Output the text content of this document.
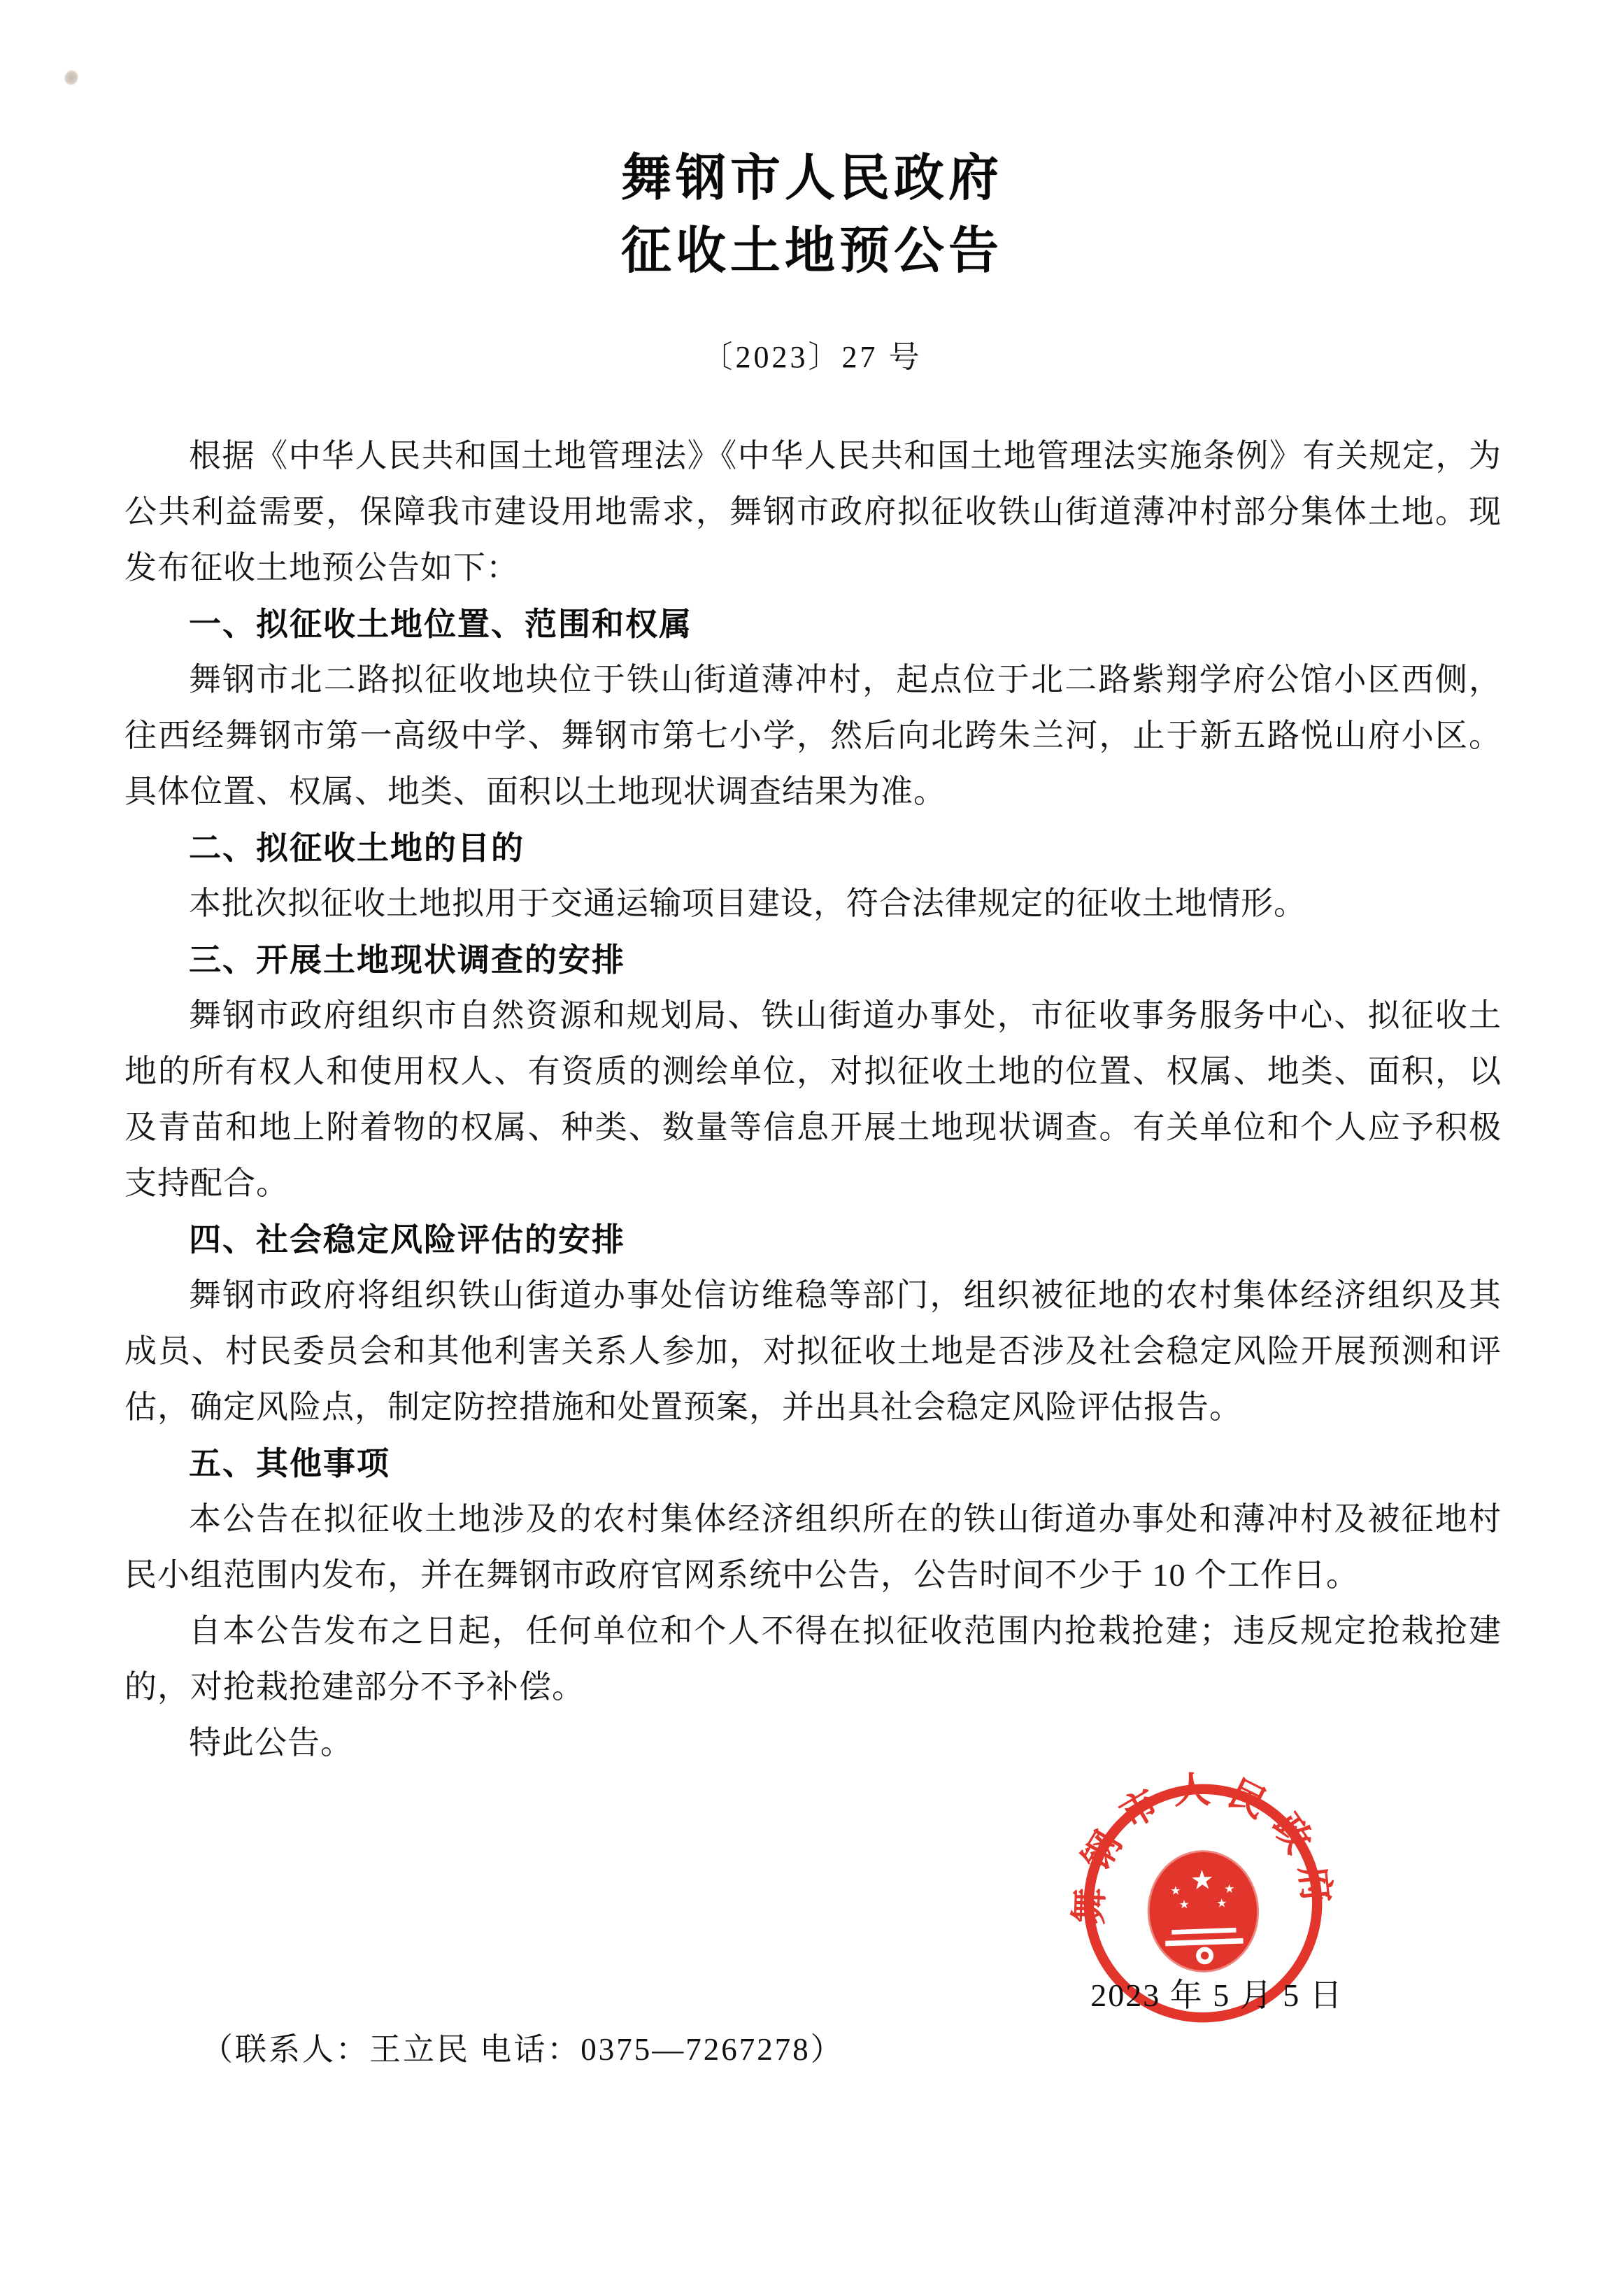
舞钢市人民政府
征收土地预公告
〔2023〕27 号

根据《中华人民共和国土地管理法》《中华人民共和国土地管理法实施条例》有关规定，为公共利益需要，保障我市建设用地需求，舞钢市政府拟征收铁山街道薄冲村部分集体土地。现发布征收土地预公告如下：

一、拟征收土地位置、范围和权属

舞钢市北二路拟征收地块位于铁山街道薄冲村，起点位于北二路紫翔学府公馆小区西侧，往西经舞钢市第一高级中学、舞钢市第七小学，然后向北跨朱兰河，止于新五路悦山府小区。具体位置、权属、地类、面积以土地现状调查结果为准。

二、拟征收土地的目的

本批次拟征收土地拟用于交通运输项目建设，符合法律规定的征收土地情形。

三、开展土地现状调查的安排

舞钢市政府组织市自然资源和规划局、铁山街道办事处，市征收事务服务中心、拟征收土地的所有权人和使用权人、有资质的测绘单位，对拟征收土地的位置、权属、地类、面积，以及青苗和地上附着物的权属、种类、数量等信息开展土地现状调查。有关单位和个人应予积极支持配合。

四、社会稳定风险评估的安排

舞钢市政府将组织铁山街道办事处信访维稳等部门，组织被征地的农村集体经济组织及其成员、村民委员会和其他利害关系人参加，对拟征收土地是否涉及社会稳定风险开展预测和评估，确定风险点，制定防控措施和处置预案，并出具社会稳定风险评估报告。

五、其他事项

本公告在拟征收土地涉及的农村集体经济组织所在的铁山街道办事处和薄冲村及被征地村民小组范围内发布，并在舞钢市政府官网系统中公告，公告时间不少于 10 个工作日。

自本公告发布之日起，任何单位和个人不得在拟征收范围内抢栽抢建；违反规定抢栽抢建的，对抢栽抢建部分不予补偿。

特此公告。

舞钢市人民政府
2023 年 5 月 5 日
（联系人：王立民 电话：0375—7267278）
